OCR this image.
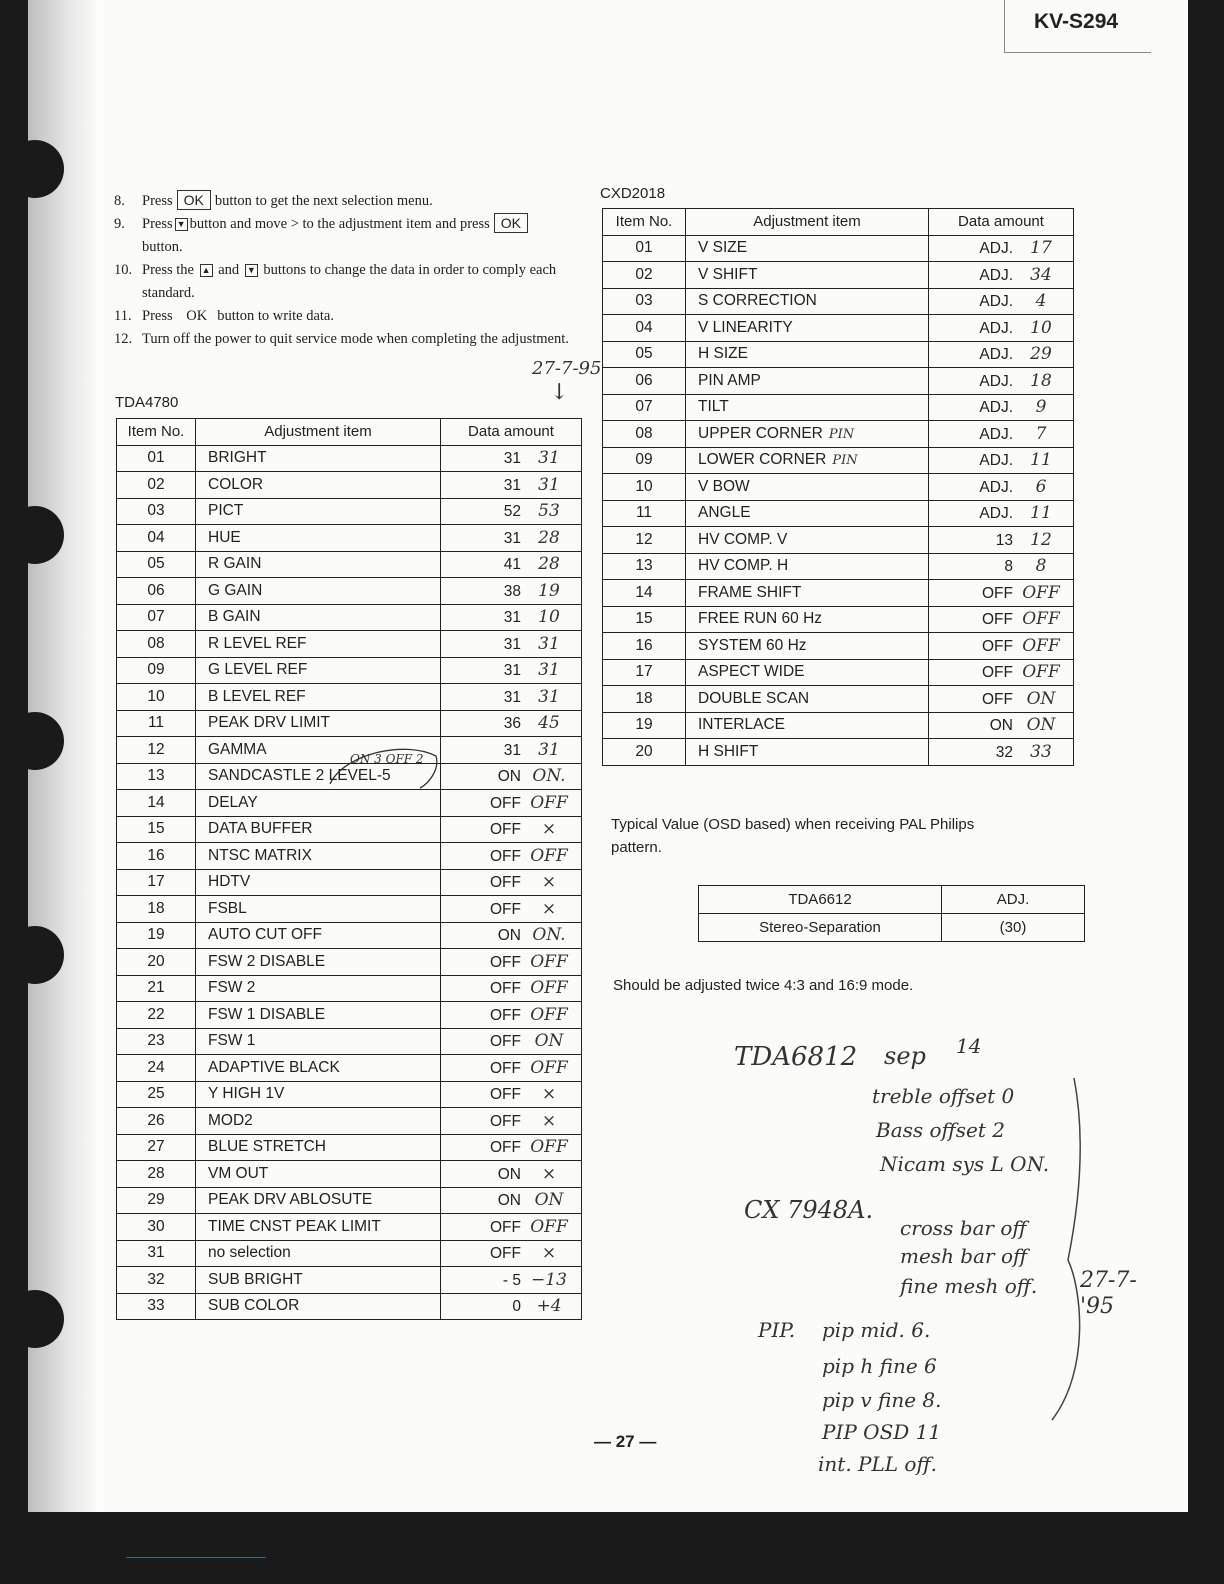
KV-S294
8.	Press OK button to get the next selection menu.
9.	Press ▼ button and move > to the adjustment item and press OK
button.
10. Press the ▲ and ▼ buttons to change the data in order to comply each standard.
11. Press OK button to write data.
12. Turn off the power to quit service mode when completing the adjustment.
27-7-95
↓
TDA4780
ON 3 OFF 2
Item No.	Adjustment item	Data amount
01	BRIGHT	31 31
02	COLOR	31 31
03	PICT	52 53
04	HUE	31 28
05	R GAIN	41 28
06	G GAIN	38 19
07	B GAIN	31 10
08	R LEVEL REF	31 31
09	G LEVEL REF	31 31
10	B LEVEL REF	31 31
11	PEAK DRV LIMIT	36 45
12	GAMMA	31 31
13	SANDCASTLE 2 LEVEL-5	ON ON.
14	DELAY	OFF OFF
15	DATA BUFFER	OFF ×
16	NTSC MATRIX	OFF OFF
17	HDTV	OFF ×
18	FSBL	OFF ×
19	AUTO CUT OFF	ON ON.
20	FSW 2 DISABLE	OFF OFF
21	FSW 2	OFF OFF
22	FSW 1 DISABLE	OFF OFF
23	FSW 1	OFF ON
24	ADAPTIVE BLACK	OFF OFF
25	Y HIGH 1V	OFF ×
26	MOD2	OFF ×
27	BLUE STRETCH	OFF OFF
28	VM OUT	ON ×
29	PEAK DRV ABLOSUTE	ON ON
30	TIME CNST PEAK LIMIT	OFF OFF
31	no selection	OFF ×
32	SUB BRIGHT	- 5 −13
33	SUB COLOR	0 +4
CXD2018
Item No.	Adjustment item	Data amount
01	V SIZE	ADJ. 17
02	V SHIFT	ADJ. 34
03	S CORRECTION	ADJ. 4
04	V LINEARITY	ADJ. 10
05	H SIZE	ADJ. 29
06	PIN AMP	ADJ. 18
07	TILT	ADJ. 9
08	UPPER CORNER PIN	ADJ. 7
09	LOWER CORNER PIN	ADJ. 11
10	V BOW	ADJ. 6
11	ANGLE	ADJ. 11
12	HV COMP. V	13 12
13	HV COMP. H	8 8
14	FRAME SHIFT	OFF OFF
15	FREE RUN 60 Hz	OFF OFF
16	SYSTEM 60 Hz	OFF OFF
17	ASPECT WIDE	OFF OFF
18	DOUBLE SCAN	OFF ON
19	INTERLACE	ON ON
20	H SHIFT	32 33
Typical Value (OSD based) when receiving PAL Philips
pattern.
TDA6612	ADJ.
Stereo-Separation	(30)
Should be adjusted twice 4:3 and 16:9 mode.
TDA6812 sep 14
treble offset 0
Bass offset 2
Nicam sys L ON.
CX 7948A.
cross bar off
mesh bar off
fine mesh off. 27-7-'95
PIP. pip mid. 6.
pip h fine 6
pip v fine 8.
PIP OSD 11
int. PLL off.
— 27 —
